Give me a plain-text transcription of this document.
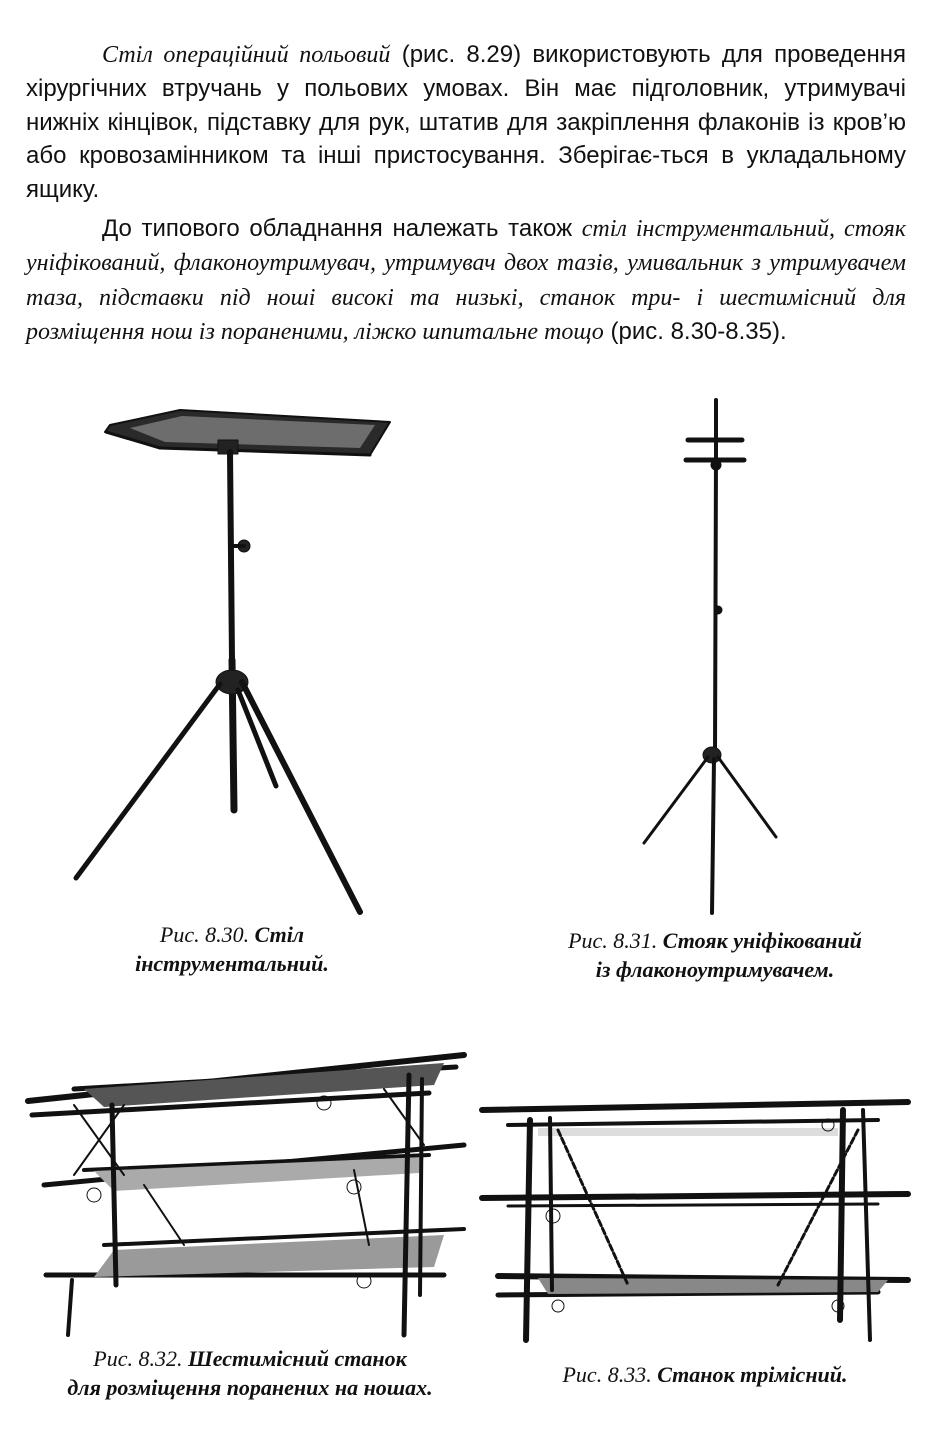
Стіл операційний польовий (рис. 8.29) використовують для проведення хірургічних втручань у польових умовах. Він має підголовник, утримувачі нижніх кінцівок, підставку для рук, штатив для закріплення флаконів із кров’ю або кровозамінником та інші пристосування. Зберігає-ться в укладальному ящику.

До типового обладнання належать також стіл інструментальний, стояк уніфікований, флаконоутримувач, утримувач двох тазів, умивальник з утримувачем таза, підставки під ноші високі та низькі, станок три- і шестимісний для розміщення нош із пораненими, ліжко шпитальне тощо (рис. 8.30-8.35).

Рис. 8.30. Стіл
інструментальний.
Рис. 8.31. Стояк уніфікований
із флаконоутримувачем.
Рис. 8.32. Шестимісний станок
для розміщення поранених на ношах.
Рис. 8.33. Станок трімісний.
